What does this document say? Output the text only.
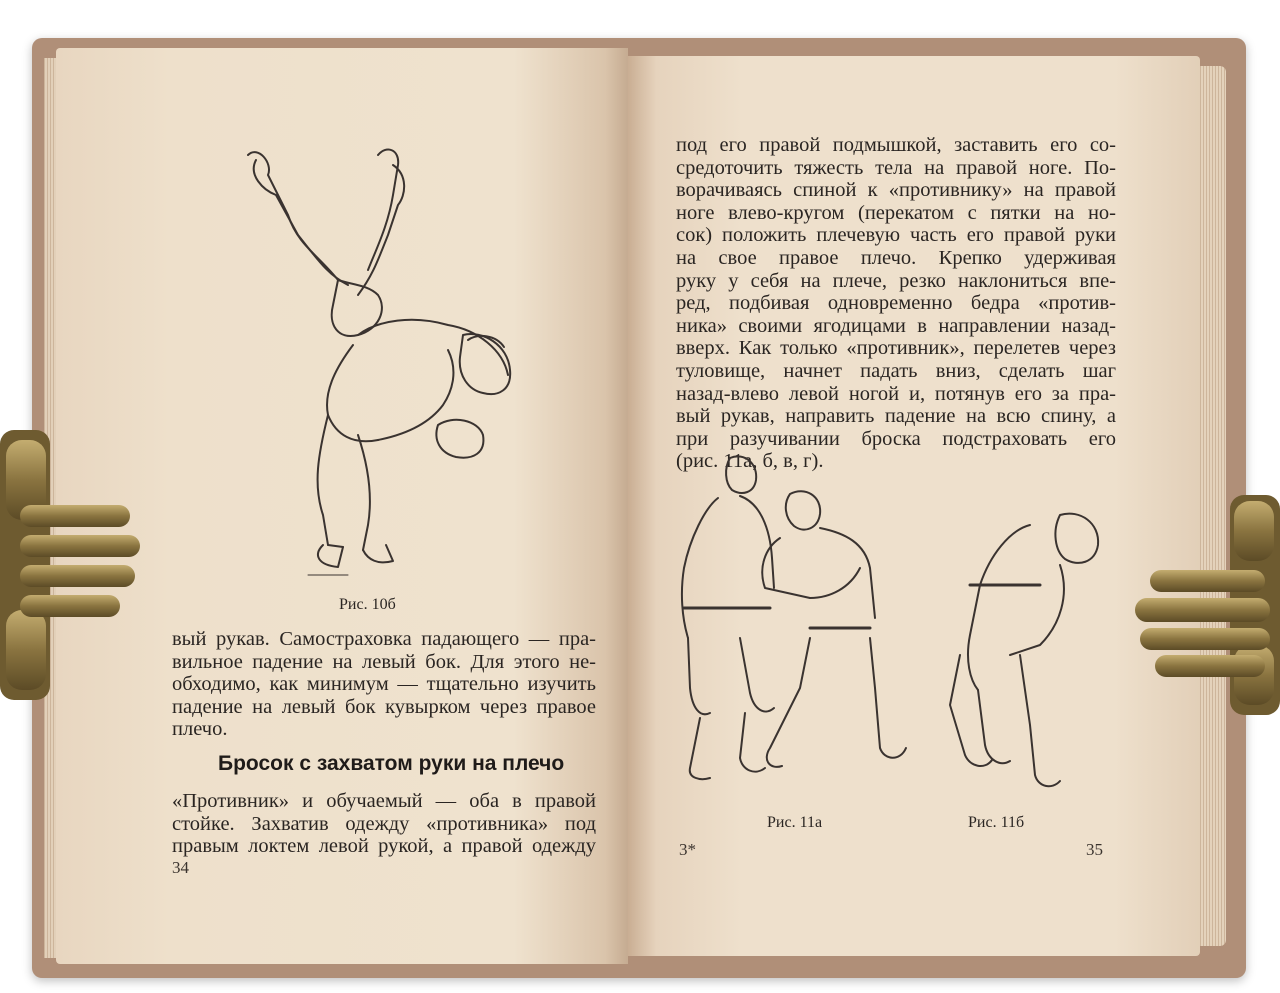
Рис. 10б
вый рукав. Самостраховка падающего — пра-
вильное падение на левый бок. Для этого не-
обходимо, как минимум — тщательно изучить
падение на левый бок кувырком через правое
плечо.
Бросок с захватом руки на плечо
«Противник» и обучаемый — оба в правой
стойке. Захватив одежду «противника» под
правым локтем левой рукой, а правой одежду
34
под его правой подмышкой, заставить его со-
средоточить тяжесть тела на правой ноге. По-
ворачиваясь спиной к «противнику» на правой
ноге влево-кругом (перекатом с пятки на но-
сок) положить плечевую часть его правой руки
на свое правое плечо. Крепко удерживая
руку у себя на плече, резко наклониться впе-
ред, подбивая одновременно бедра «против-
ника» своими ягодицами в направлении назад-
вверх. Как только «противник», перелетев через
туловище, начнет падать вниз, сделать шаг
назад-влево левой ногой и, потянув его за пра-
вый рукав, направить падение на всю спину, а
при разучивании броска подстраховать его
(рис. 11а, б, в, г).
Рис. 11а	Рис. 11б
3*	35
